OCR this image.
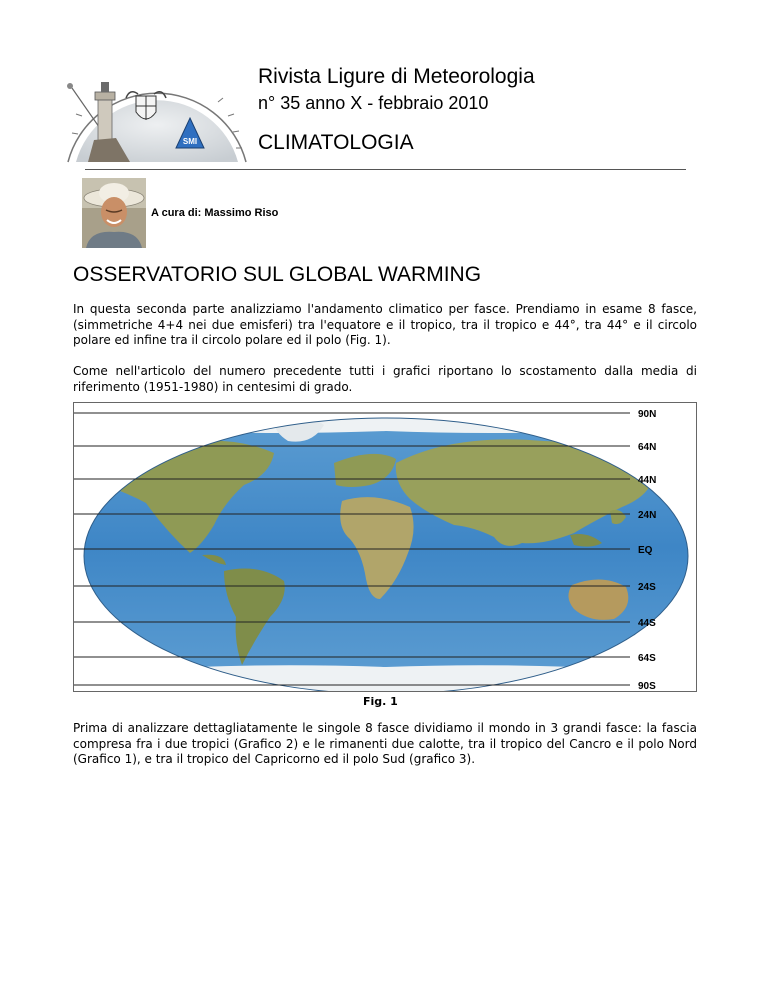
SMI
Rivista Ligure di Meteorologia
n° 35 anno X - febbraio 2010
CLIMATOLOGIA
A cura di: Massimo Riso
OSSERVATORIO SUL GLOBAL WARMING
In questa seconda parte analizziamo l'andamento climatico per fasce. Prendiamo in esame 8 fasce, (simmetriche 4+4 nei due emisferi) tra l'equatore e il tropico, tra il tropico e 44°, tra 44° e il circolo polare ed infine tra il circolo polare ed il polo (Fig. 1).
Come nell'articolo del numero precedente tutti i grafici riportano lo scostamento dalla media di riferimento (1951-1980) in centesimi di grado.
90N
64N
44N
24N
EQ
24S
44S
64S
90S
Fig. 1
Prima di analizzare dettagliatamente le singole 8 fasce dividiamo il mondo in 3 grandi fasce: la fascia compresa fra i due tropici (Grafico 2) e le rimanenti due calotte, tra il tropico del Cancro e il polo Nord (Grafico 1), e tra il tropico del Capricorno ed il polo Sud (grafico 3).
